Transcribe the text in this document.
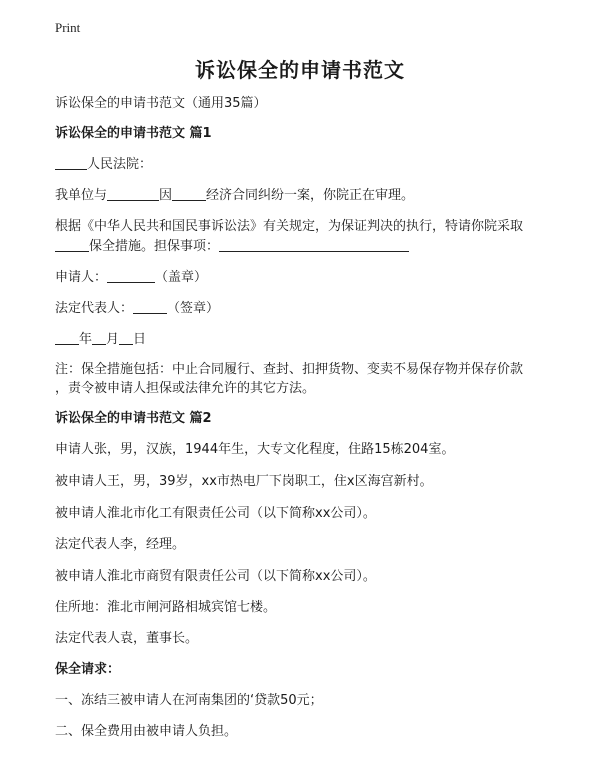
Print
诉讼保全的申请书范文
诉讼保全的申请书范文（通用35篇）
诉讼保全的申请书范文 篇1
人民法院：
我单位与	因	经济合同纠纷一案，你院正在审理。
根据《中华人民共和国民事诉讼法》有关规定，为保证判决的执行，特请你院采取
保全措施。担保事项：
申请人：	（盖章）
法定代表人：	（签章）
年 月 日
注：保全措施包括：中止合同履行、查封、扣押货物、变卖不易保存物并保存价款
，责令被申请人担保或法律允许的其它方法。
诉讼保全的申请书范文 篇2
申请人张，男，汉族，1944年生，大专文化程度，住路15栋204室。
被申请人王，男，39岁，xx市热电厂下岗职工，住x区海宫新村。
被申请人淮北市化工有限责任公司（以下简称xx公司）。
法定代表人李，经理。
被申请人淮北市商贸有限责任公司（以下简称xx公司）。
住所地：淮北市闸河路相城宾馆七楼。
法定代表人袁，董事长。
保全请求：
一、冻结三被申请人在河南集团的‘贷款50元；
二、保全费用由被申请人负担。
